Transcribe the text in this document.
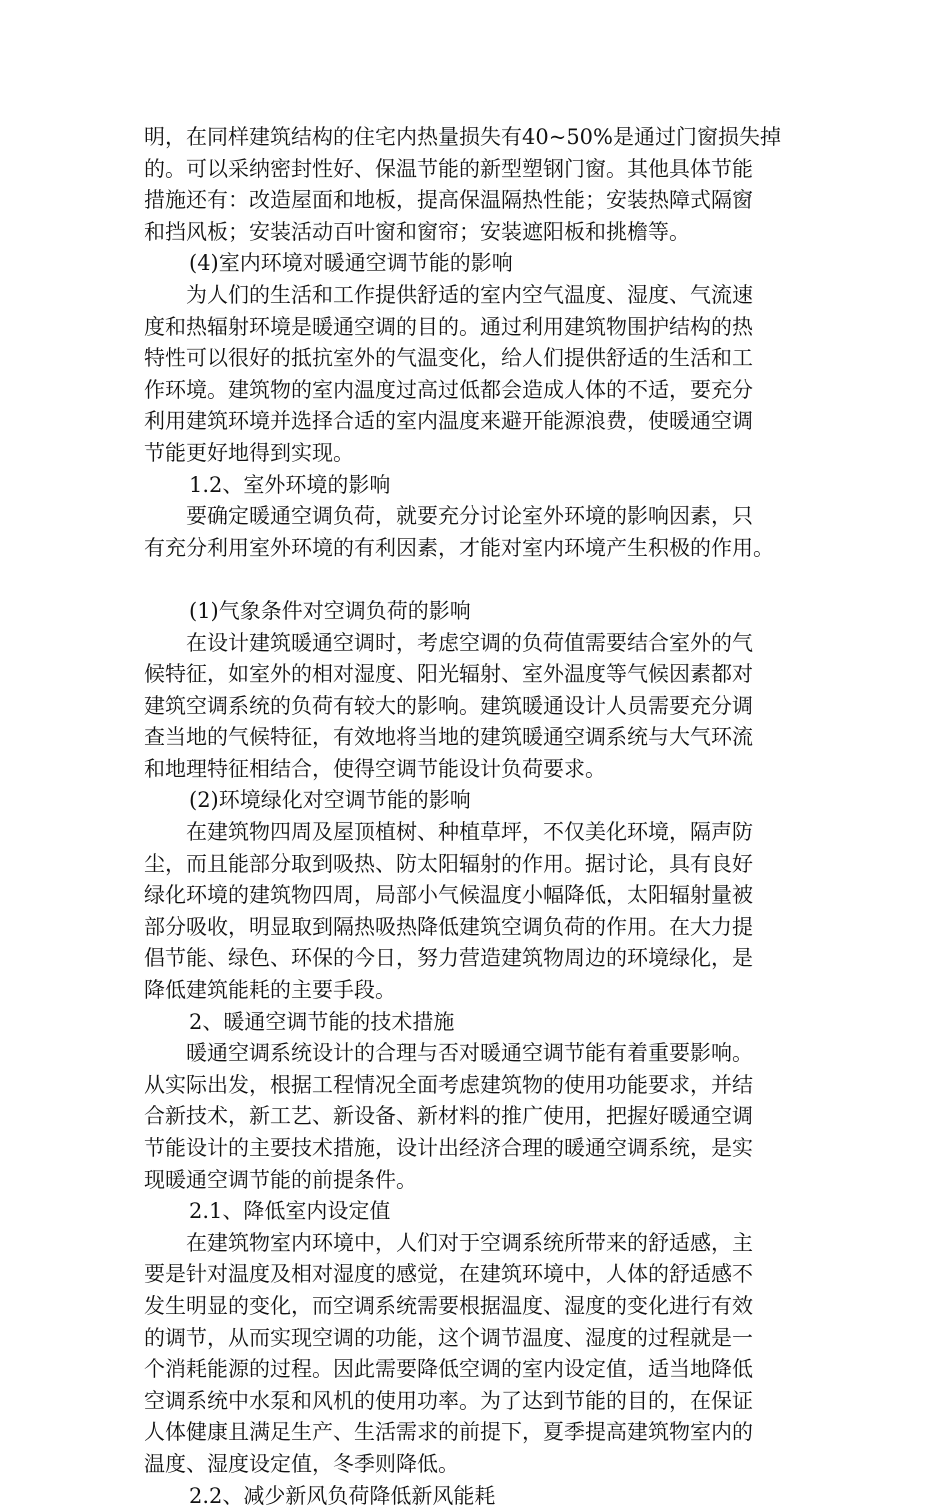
明，在同样建筑结构的住宅内热量损失有40~50%是通过门窗损失掉
的。可以采纳密封性好、保温节能的新型塑钢门窗。其他具体节能
措施还有：改造屋面和地板，提高保温隔热性能；安装热障式隔窗
和挡风板；安装活动百叶窗和窗帘；安装遮阳板和挑檐等。
(4)室内环境对暖通空调节能的影响
为人们的生活和工作提供舒适的室内空气温度、湿度、气流速
度和热辐射环境是暖通空调的目的。通过利用建筑物围护结构的热
特性可以很好的抵抗室外的气温变化，给人们提供舒适的生活和工
作环境。建筑物的室内温度过高过低都会造成人体的不适，要充分
利用建筑环境并选择合适的室内温度来避开能源浪费，使暖通空调
节能更好地得到实现。
1.2、室外环境的影响
要确定暖通空调负荷，就要充分讨论室外环境的影响因素，只
有充分利用室外环境的有利因素，才能对室内环境产生积极的作用。
(1)气象条件对空调负荷的影响
在设计建筑暖通空调时，考虑空调的负荷值需要结合室外的气
候特征，如室外的相对湿度、阳光辐射、室外温度等气候因素都对
建筑空调系统的负荷有较大的影响。建筑暖通设计人员需要充分调
查当地的气候特征，有效地将当地的建筑暖通空调系统与大气环流
和地理特征相结合，使得空调节能设计负荷要求。
(2)环境绿化对空调节能的影响
在建筑物四周及屋顶植树、种植草坪，不仅美化环境，隔声防
尘，而且能部分取到吸热、防太阳辐射的作用。据讨论，具有良好
绿化环境的建筑物四周，局部小气候温度小幅降低，太阳辐射量被
部分吸收，明显取到隔热吸热降低建筑空调负荷的作用。在大力提
倡节能、绿色、环保的今日，努力营造建筑物周边的环境绿化，是
降低建筑能耗的主要手段。
2、暖通空调节能的技术措施
暖通空调系统设计的合理与否对暖通空调节能有着重要影响。
从实际出发，根据工程情况全面考虑建筑物的使用功能要求，并结
合新技术，新工艺、新设备、新材料的推广使用，把握好暖通空调
节能设计的主要技术措施，设计出经济合理的暖通空调系统，是实
现暖通空调节能的前提条件。
2.1、降低室内设定值
在建筑物室内环境中，人们对于空调系统所带来的舒适感，主
要是针对温度及相对湿度的感觉，在建筑环境中，人体的舒适感不
发生明显的变化，而空调系统需要根据温度、湿度的变化进行有效
的调节，从而实现空调的功能，这个调节温度、湿度的过程就是一
个消耗能源的过程。因此需要降低空调的室内设定值，适当地降低
空调系统中水泵和风机的使用功率。为了达到节能的目的，在保证
人体健康且满足生产、生活需求的前提下，夏季提高建筑物室内的
温度、湿度设定值，冬季则降低。
2.2、减少新风负荷降低新风能耗
